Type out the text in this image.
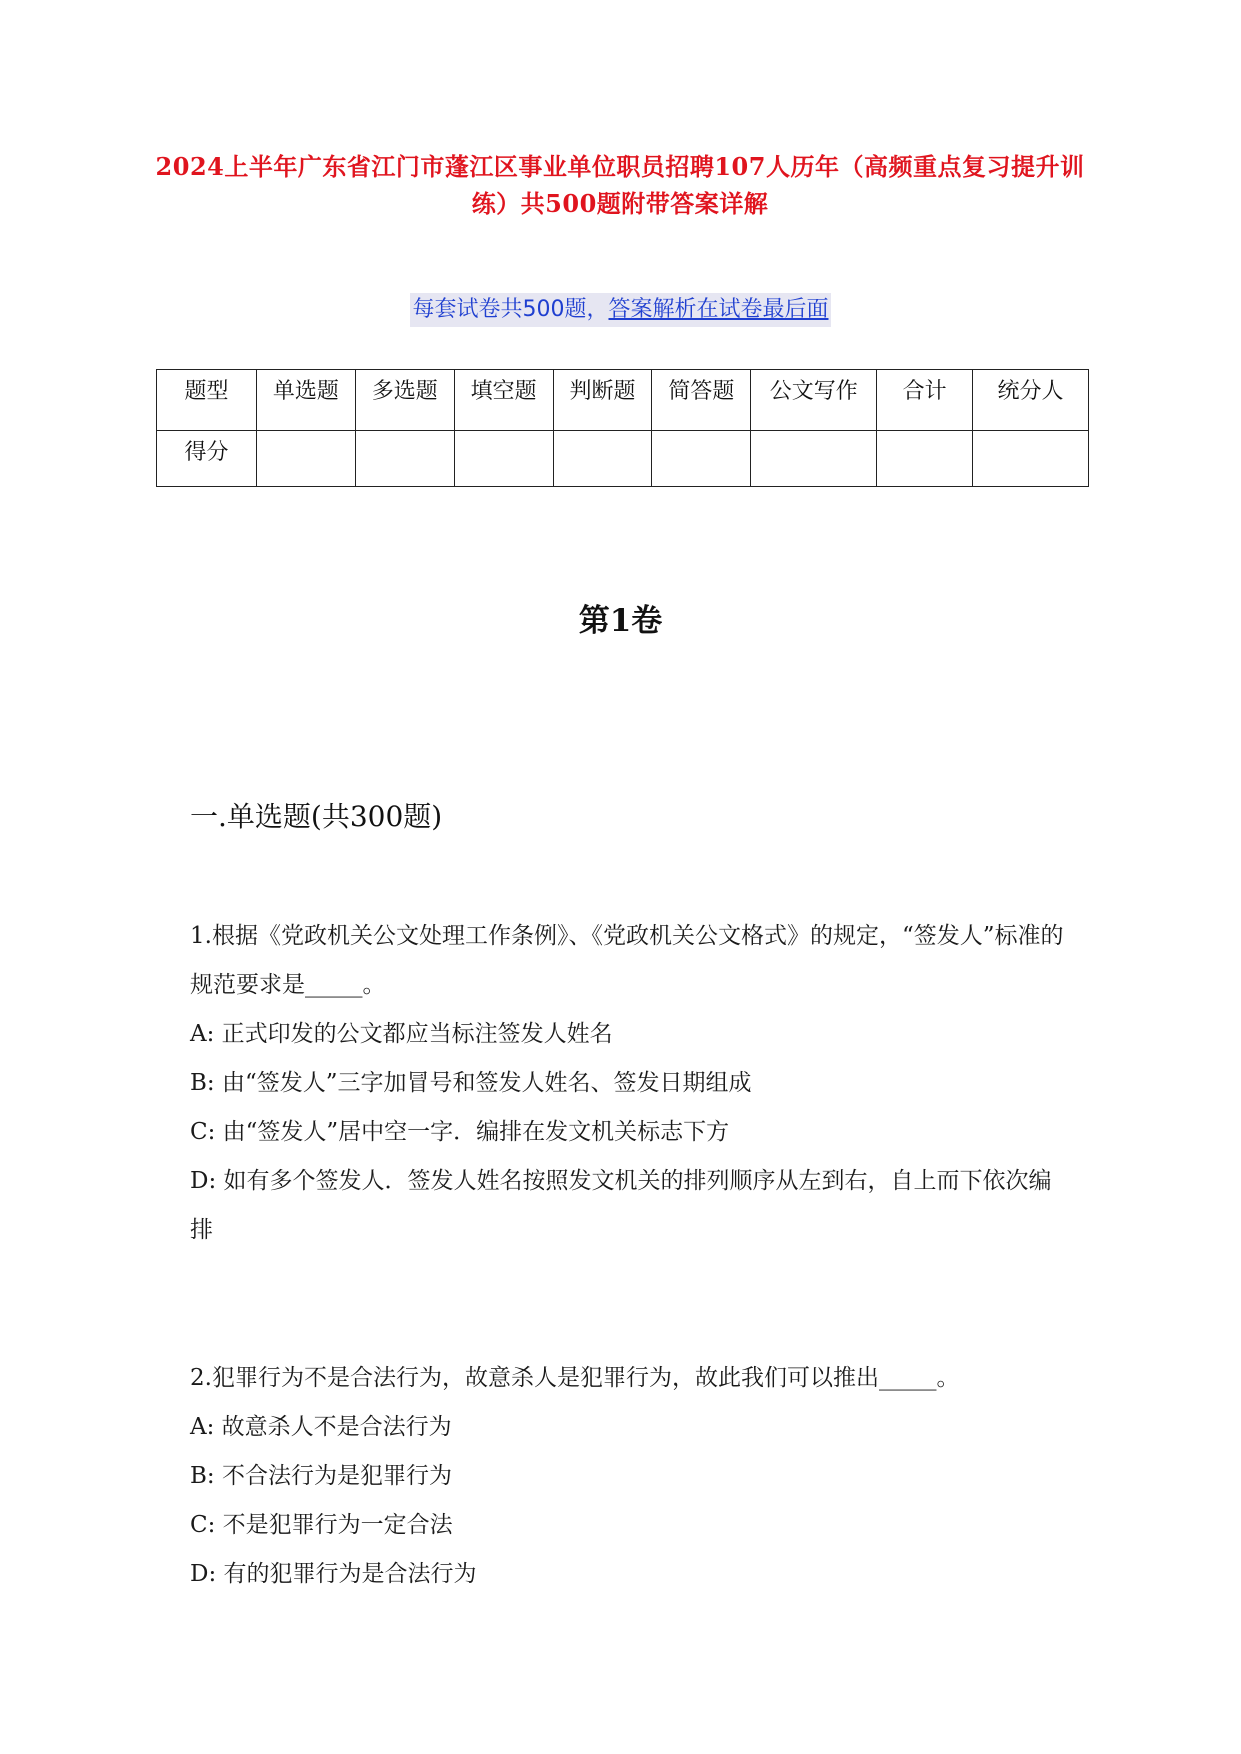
2024上半年广东省江门市蓬江区事业单位职员招聘107人历年（高频重点复习提升训练）共500题附带答案详解
每套试卷共500题，答案解析在试卷最后面
题型	单选题	多选题	填空题	判断题	简答题	公文写作	合计	统分人
得分								
第1卷
一.单选题(共300题)

1.根据《党政机关公文处理工作条例》、《党政机关公文格式》的规定，“签发人”标准的规范要求是_____。

A: 正式印发的公文都应当标注签发人姓名

B: 由“签发人”三字加冒号和签发人姓名、签发日期组成

C: 由“签发人”居中空一字．编排在发文机关标志下方

D: 如有多个签发人．签发人姓名按照发文机关的排列顺序从左到右，自上而下依次编排

2.犯罪行为不是合法行为，故意杀人是犯罪行为，故此我们可以推出_____。

A: 故意杀人不是合法行为

B: 不合法行为是犯罪行为

C: 不是犯罪行为一定合法

D: 有的犯罪行为是合法行为
